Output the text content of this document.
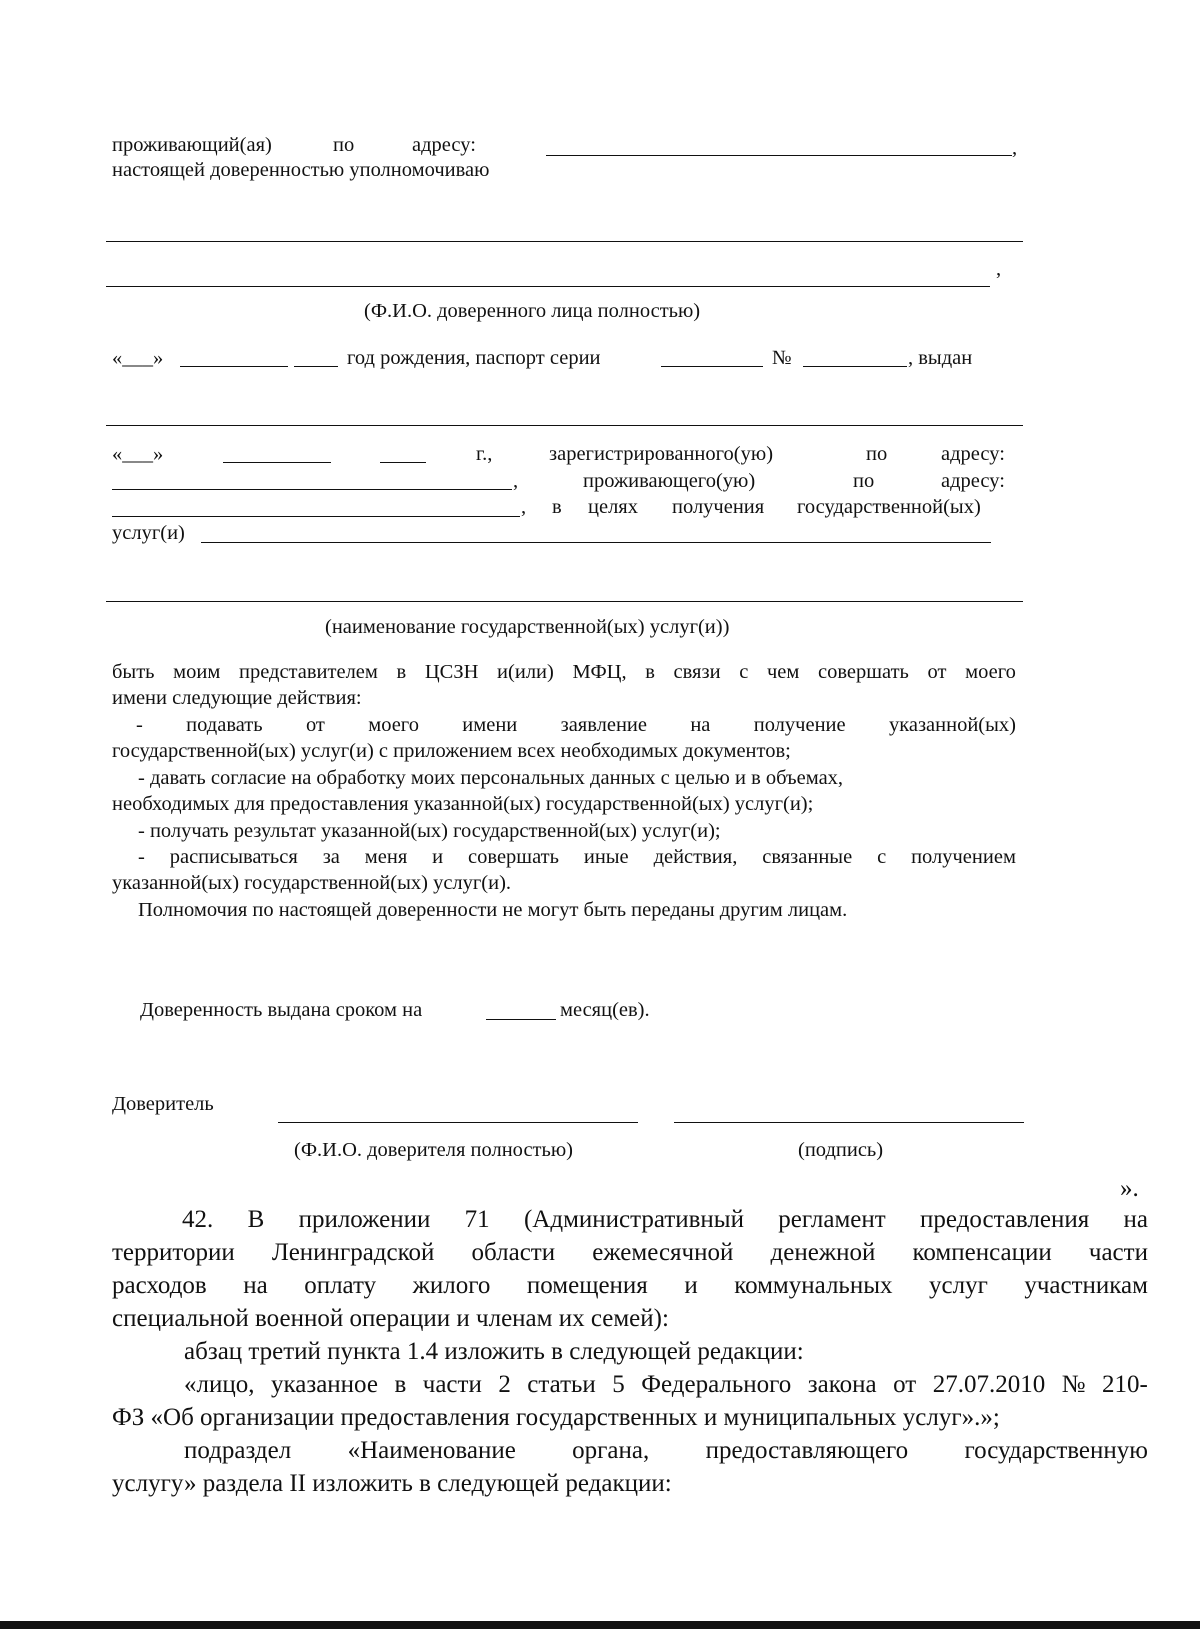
проживающий(ая)	по	адресу:	,
настоящей доверенностью уполномочиваю
,
(Ф.И.О. доверенного лица полностью)
«___»	год рождения, паспорт серии	№	, выдан
«___»	г.,	зарегистрированного(ую)	по	адресу:
,	проживающего(ую)	по	адресу:
, в целях получения государственной(ых)
услуг(и)
(наименование государственной(ых) услуг(и))
быть моим представителем в ЦСЗН и(или) МФЦ, в связи с чем совершать от моего
имени следующие действия:
- подавать от моего имени заявление на получение указанной(ых)
государственной(ых) услуг(и) с приложением всех необходимых документов;
- давать согласие на обработку моих персональных данных с целью и в объемах,
необходимых для предоставления указанной(ых) государственной(ых) услуг(и);
- получать результат указанной(ых) государственной(ых) услуг(и);
- расписываться за меня и совершать иные действия, связанные с получением
указанной(ых) государственной(ых) услуг(и).
Полномочия по настоящей доверенности не могут быть переданы другим лицам.
Доверенность выдана сроком на	месяц(ев).
Доверитель
(Ф.И.О. доверителя полностью)	(подпись)
».
42. В приложении 71 (Административный регламент предоставления на
территории Ленинградской области ежемесячной денежной компенсации части
расходов на оплату жилого помещения и коммунальных услуг участникам
специальной военной операции и членам их семей):
абзац третий пункта 1.4 изложить в следующей редакции:
«лицо, указанное в части 2 статьи 5 Федерального закона от 27.07.2010 № 210-
ФЗ «Об организации предоставления государственных и муниципальных услуг».»;
подраздел «Наименование органа, предоставляющего государственную
услугу» раздела II изложить в следующей редакции:
